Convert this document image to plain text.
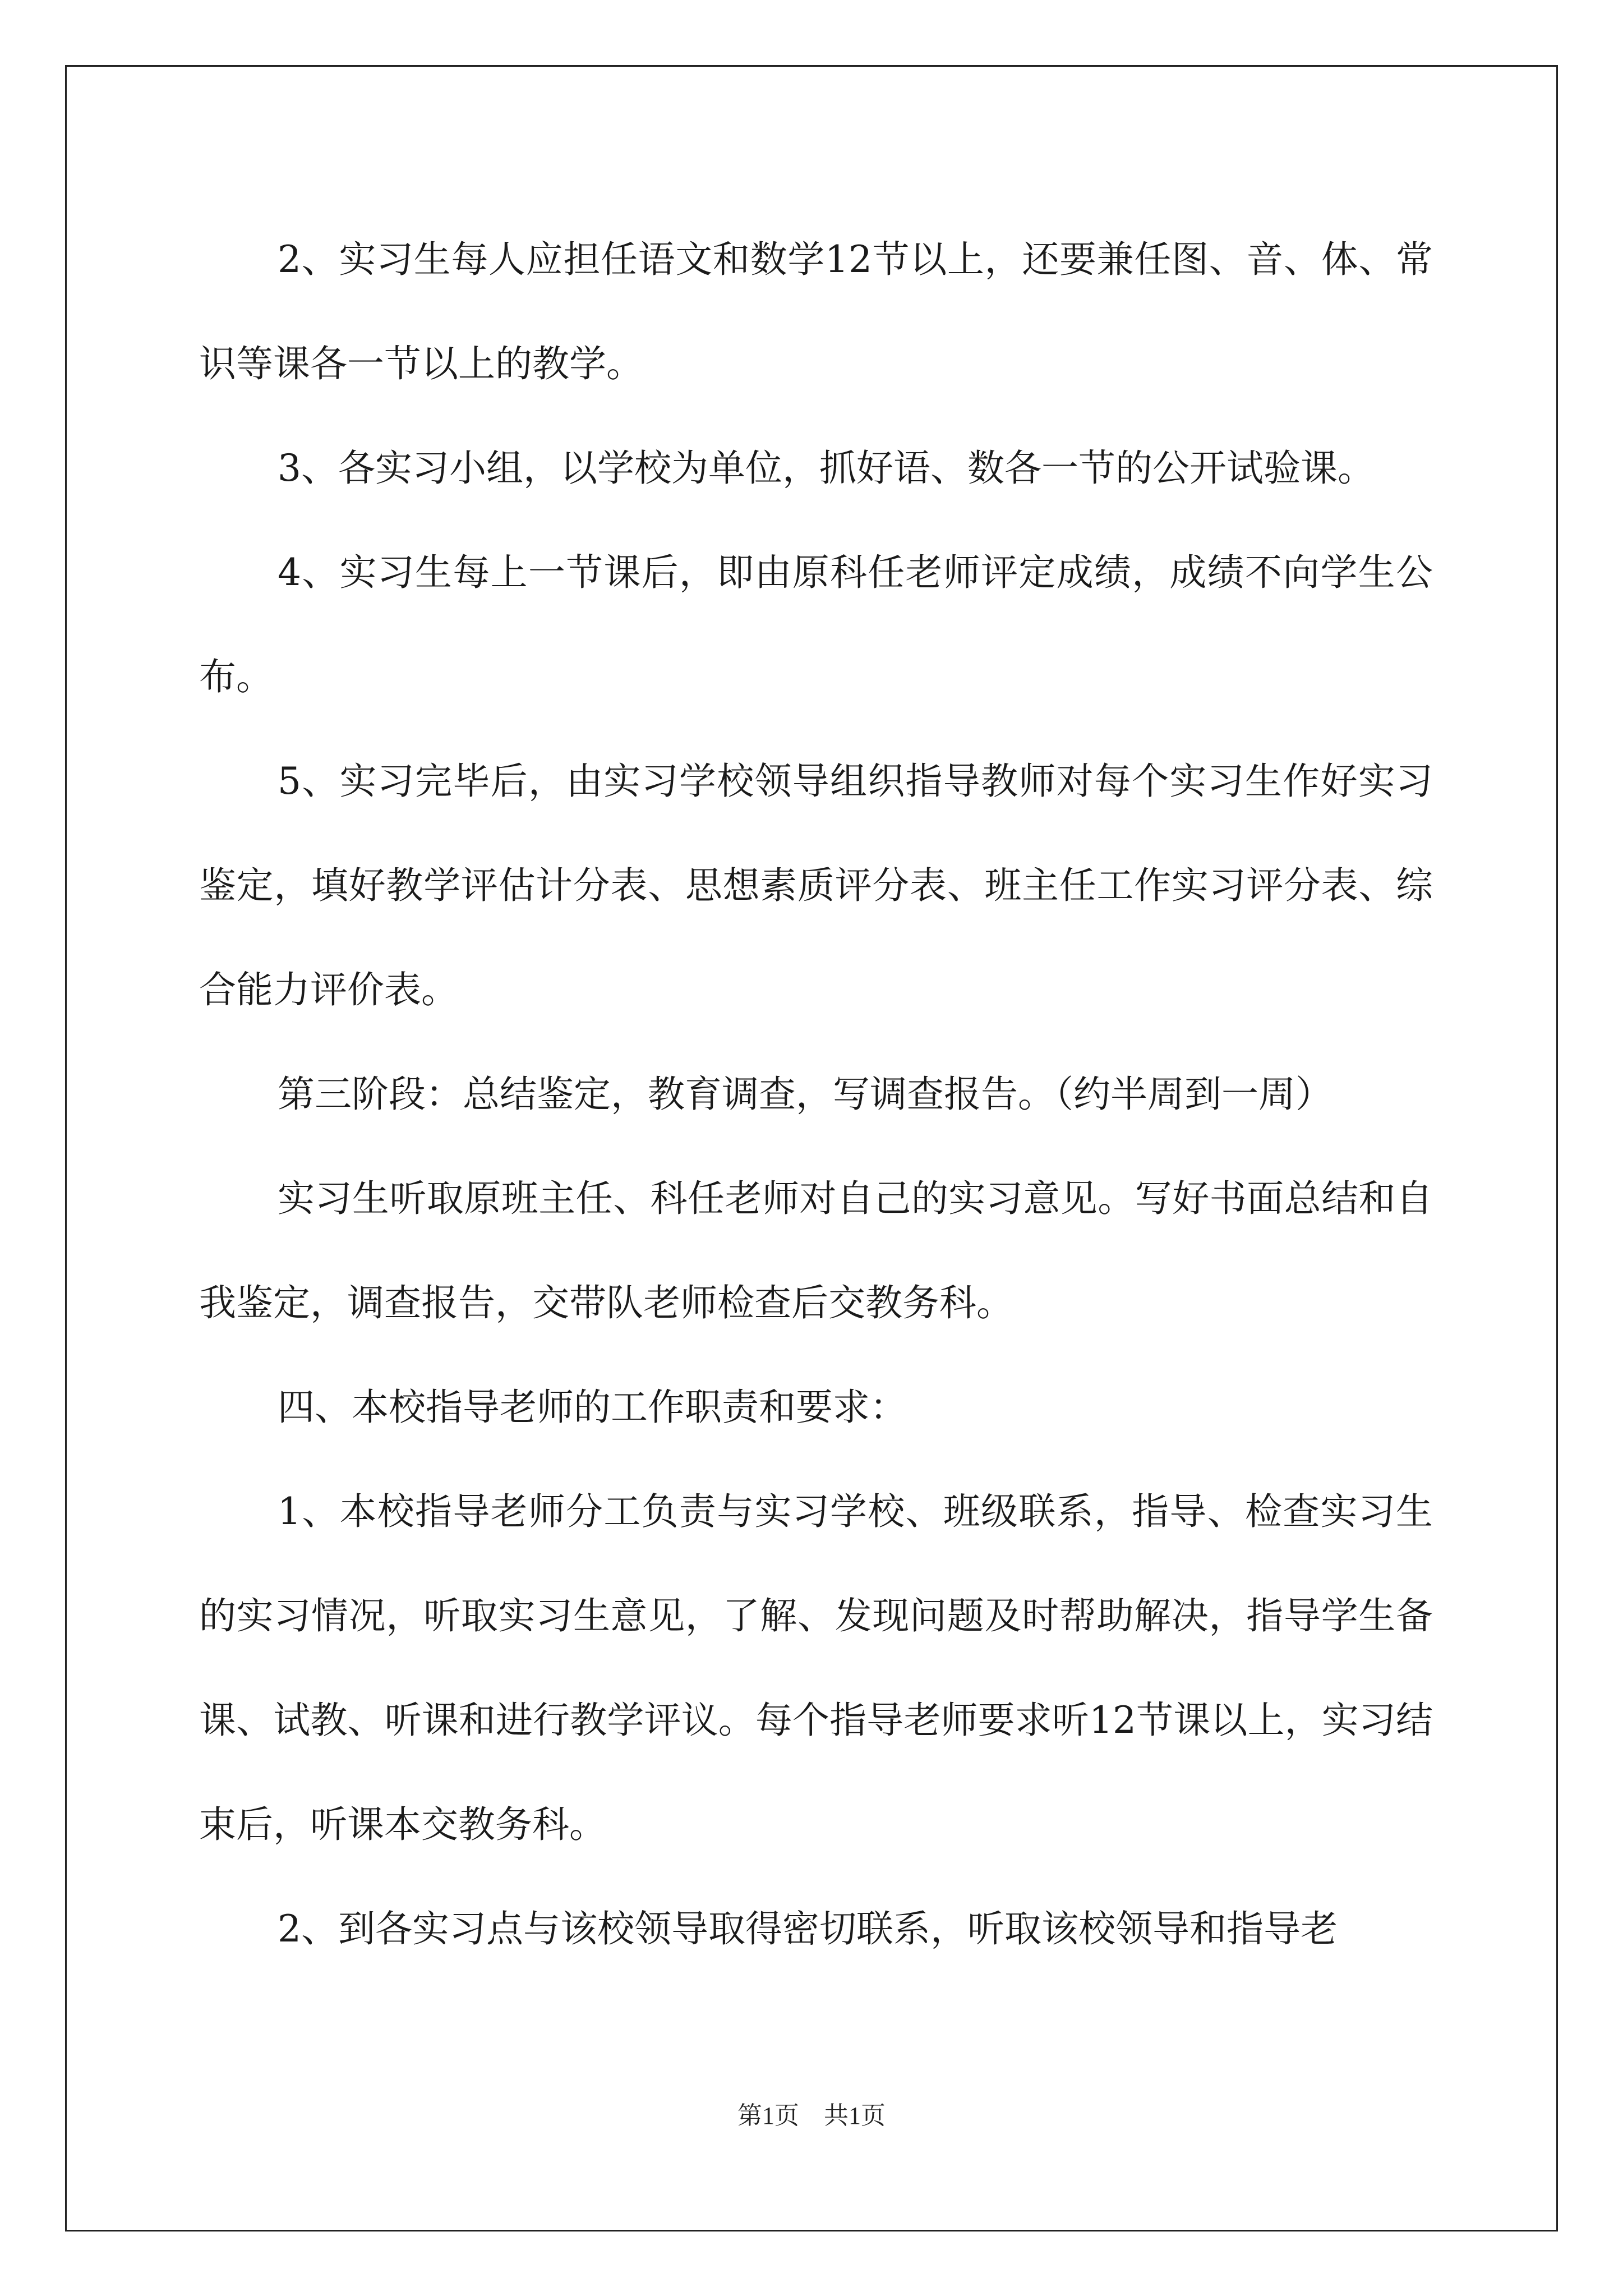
2、实习生每人应担任语文和数学12节以上，还要兼任图、音、体、常识等课各一节以上的教学。

3、各实习小组，以学校为单位，抓好语、数各一节的公开试验课。

4、实习生每上一节课后，即由原科任老师评定成绩，成绩不向学生公布。

5、实习完毕后，由实习学校领导组织指导教师对每个实习生作好实习鉴定，填好教学评估计分表、思想素质评分表、班主任工作实习评分表、综合能力评价表。

第三阶段：总结鉴定，教育调查，写调查报告。（约半周到一周）

实习生听取原班主任、科任老师对自己的实习意见。写好书面总结和自我鉴定，调查报告，交带队老师检查后交教务科。

四、本校指导老师的工作职责和要求：

1、本校指导老师分工负责与实习学校、班级联系，指导、检查实习生的实习情况，听取实习生意见，了解、发现问题及时帮助解决，指导学生备课、试教、听课和进行教学评议。每个指导老师要求听12节课以上，实习结束后，听课本交教务科。

2、到各实习点与该校领导取得密切联系，听取该校领导和指导老

第1页　共1页
